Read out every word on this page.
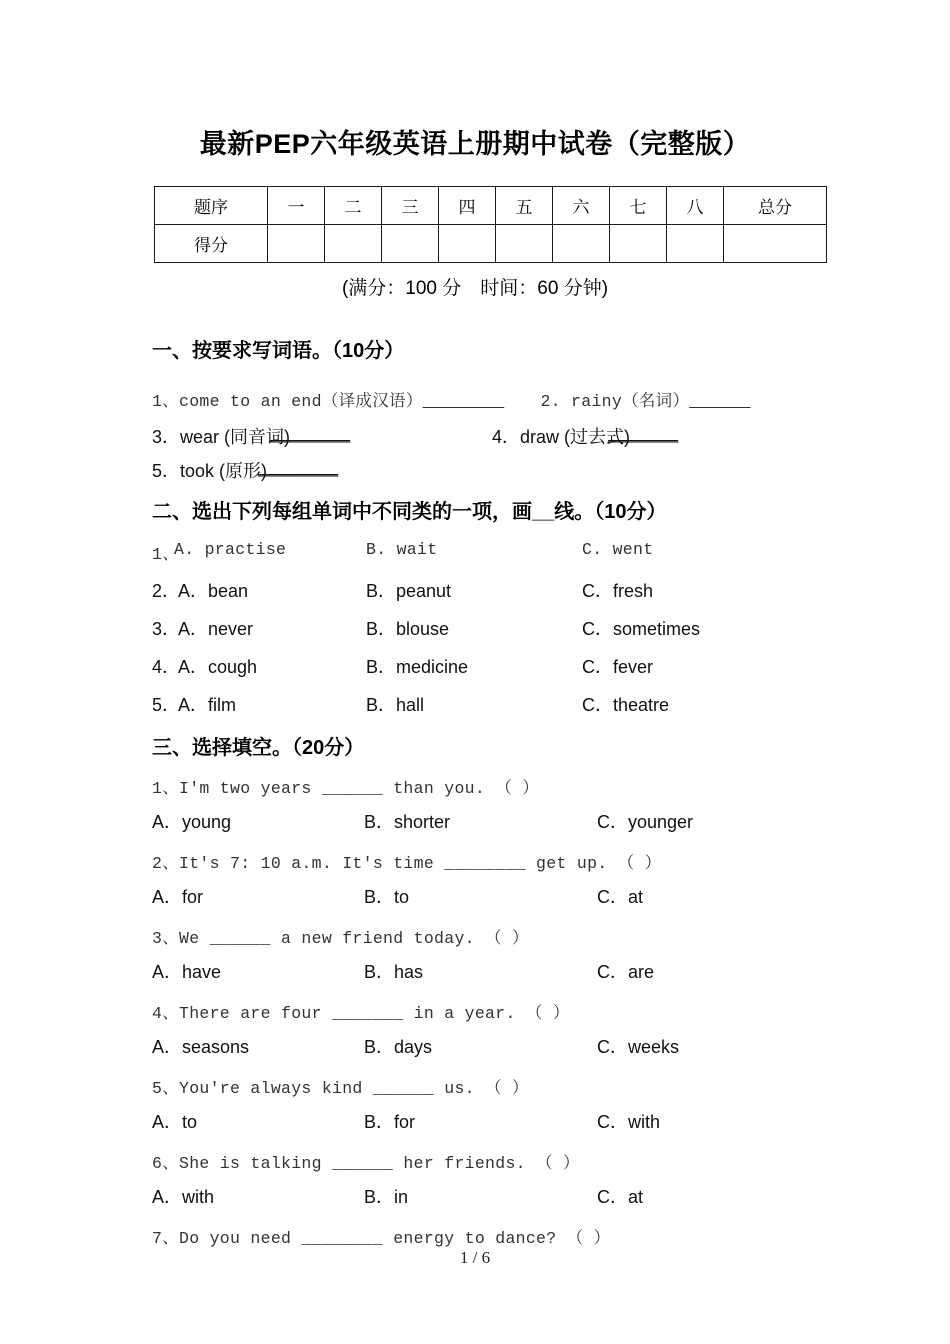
最新PEP六年级英语上册期中试卷（完整版）
题序	一	二	三	四	五	六	七	八	总分
得分									
(满分：100 分　时间：60 分钟)
一、按要求写词语。（10分）
1、come to an end（译成汉语）________ 2. rainy（名词）______
3．wear (同音词)
________	4．draw (过去式)
_______
5．took (原形)
________
二、选出下列每组单词中不同类的一项，画__线。（10分）
1、
A. practise	B. wait	C. went
2．
A．bean	B．peanut	C．fresh
3．
A．never	B．blouse	C．sometimes
4．
A．cough	B．medicine	C．fever
5．
A．film	B．hall	C．theatre
三、选择填空。（20分）
1、I'm two years ______ than you. （ ）
A．young	B．shorter	C．younger
2、It's 7: 10 a.m. It's time ________ get up. （ ）
A．for	B．to	C．at
3、We ______ a new friend today. （ ）
A．have	B．has	C．are
4、There are four _______ in a year. （ ）
A．seasons	B．days	C．weeks
5、You're always kind ______ us. （ ）
A．to	B．for	C．with
6、She is talking ______ her friends. （ ）
A．with	B．in	C．at
7、Do you need ________ energy to dance? （ ）
1 / 6
